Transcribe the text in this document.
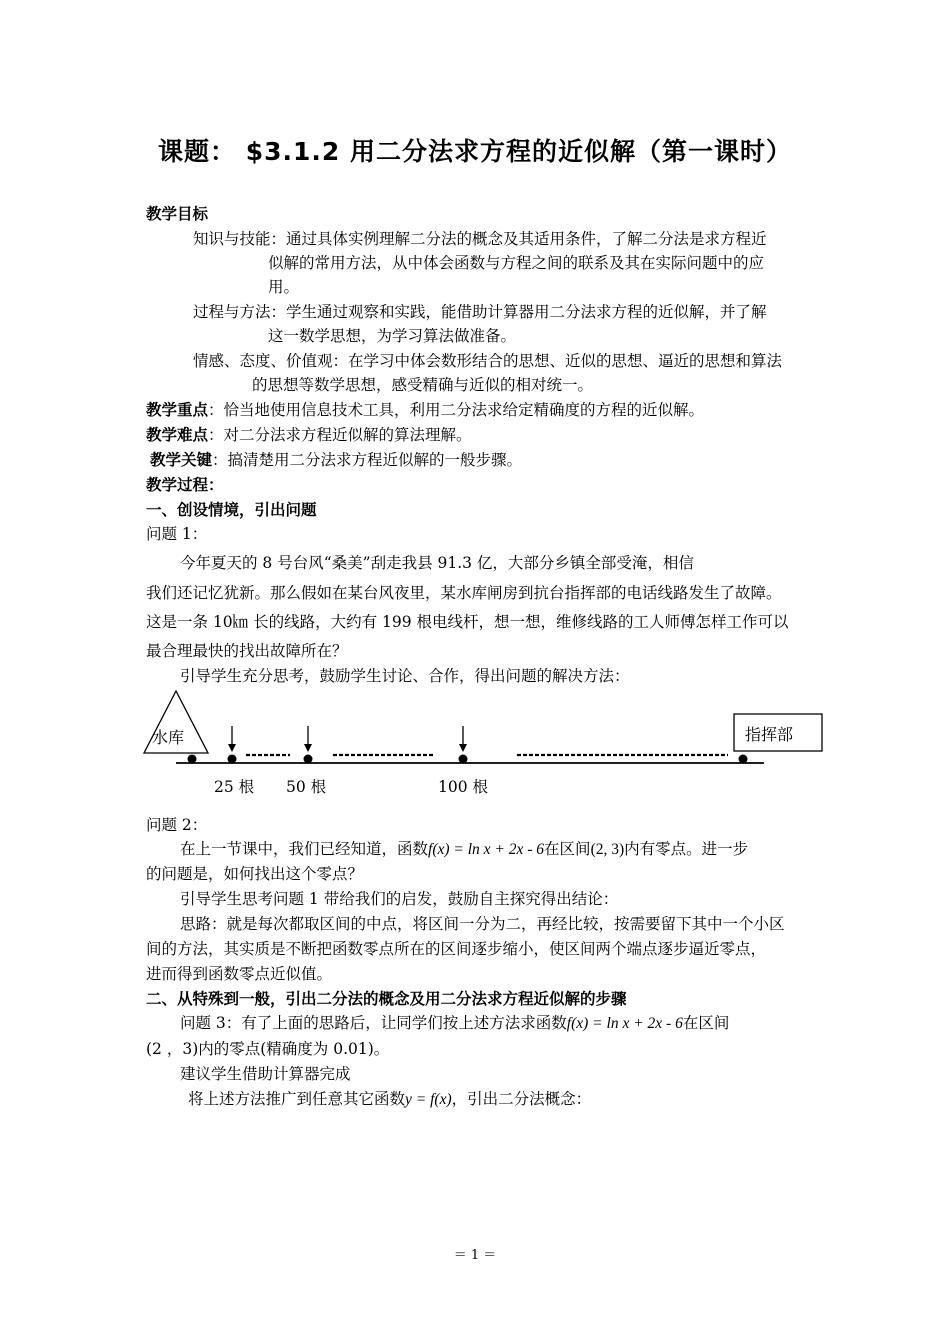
课题： $3.1.2 用二分法求方程的近似解（第一课时）
教学目标
知识与技能：通过具体实例理解二分法的概念及其适用条件，了解二分法是求方程近
似解的常用方法，从中体会函数与方程之间的联系及其在实际问题中的应
用。
过程与方法：学生通过观察和实践，能借助计算器用二分法求方程的近似解，并了解
这一数学思想，为学习算法做准备。
情感、态度、价值观：在学习中体会数形结合的思想、近似的思想、逼近的思想和算法
的思想等数学思想，感受精确与近似的相对统一。
教学重点：恰当地使用信息技术工具，利用二分法求给定精确度的方程的近似解。
教学难点：对二分法求方程近似解的算法理解。
教学关键：搞清楚用二分法求方程近似解的一般步骤。
教学过程：
一、创设情境，引出问题
问题 1：
今年夏天的 8 号台风“桑美”刮走我县 91.3 亿，大部分乡镇全部受淹，相信
我们还记忆犹新。那么假如在某台风夜里，某水库闸房到抗台指挥部的电话线路发生了故障。
这是一条 10㎞ 长的线路，大约有 199 根电线杆，想一想，维修线路的工人师傅怎样工作可以
最合理最快的找出故障所在？
引导学生充分思考，鼓励学生讨论、合作，得出问题的解决方法：
水库	指挥部
25 根 50 根	100 根
问题 2：
在上一节课中，我们已经知道，函数f(x) = ln x + 2x - 6在区间(2, 3)内有零点。进一步
的问题是，如何找出这个零点？
引导学生思考问题 1 带给我们的启发，鼓励自主探究得出结论：
思路：就是每次都取区间的中点，将区间一分为二，再经比较，按需要留下其中一个小区
间的方法，其实质是不断把函数零点所在的区间逐步缩小，使区间两个端点逐步逼近零点，
进而得到函数零点近似值。
二、从特殊到一般，引出二分法的概念及用二分法求方程近似解的步骤
问题 3：有了上面的思路后，让同学们按上述方法求函数f(x) = ln x + 2x - 6在区间
(2 ，3)内的零点(精确度为 0.01)。
建议学生借助计算器完成
将上述方法推广到任意其它函数y = f(x)，引出二分法概念：
＝ 1 ＝
